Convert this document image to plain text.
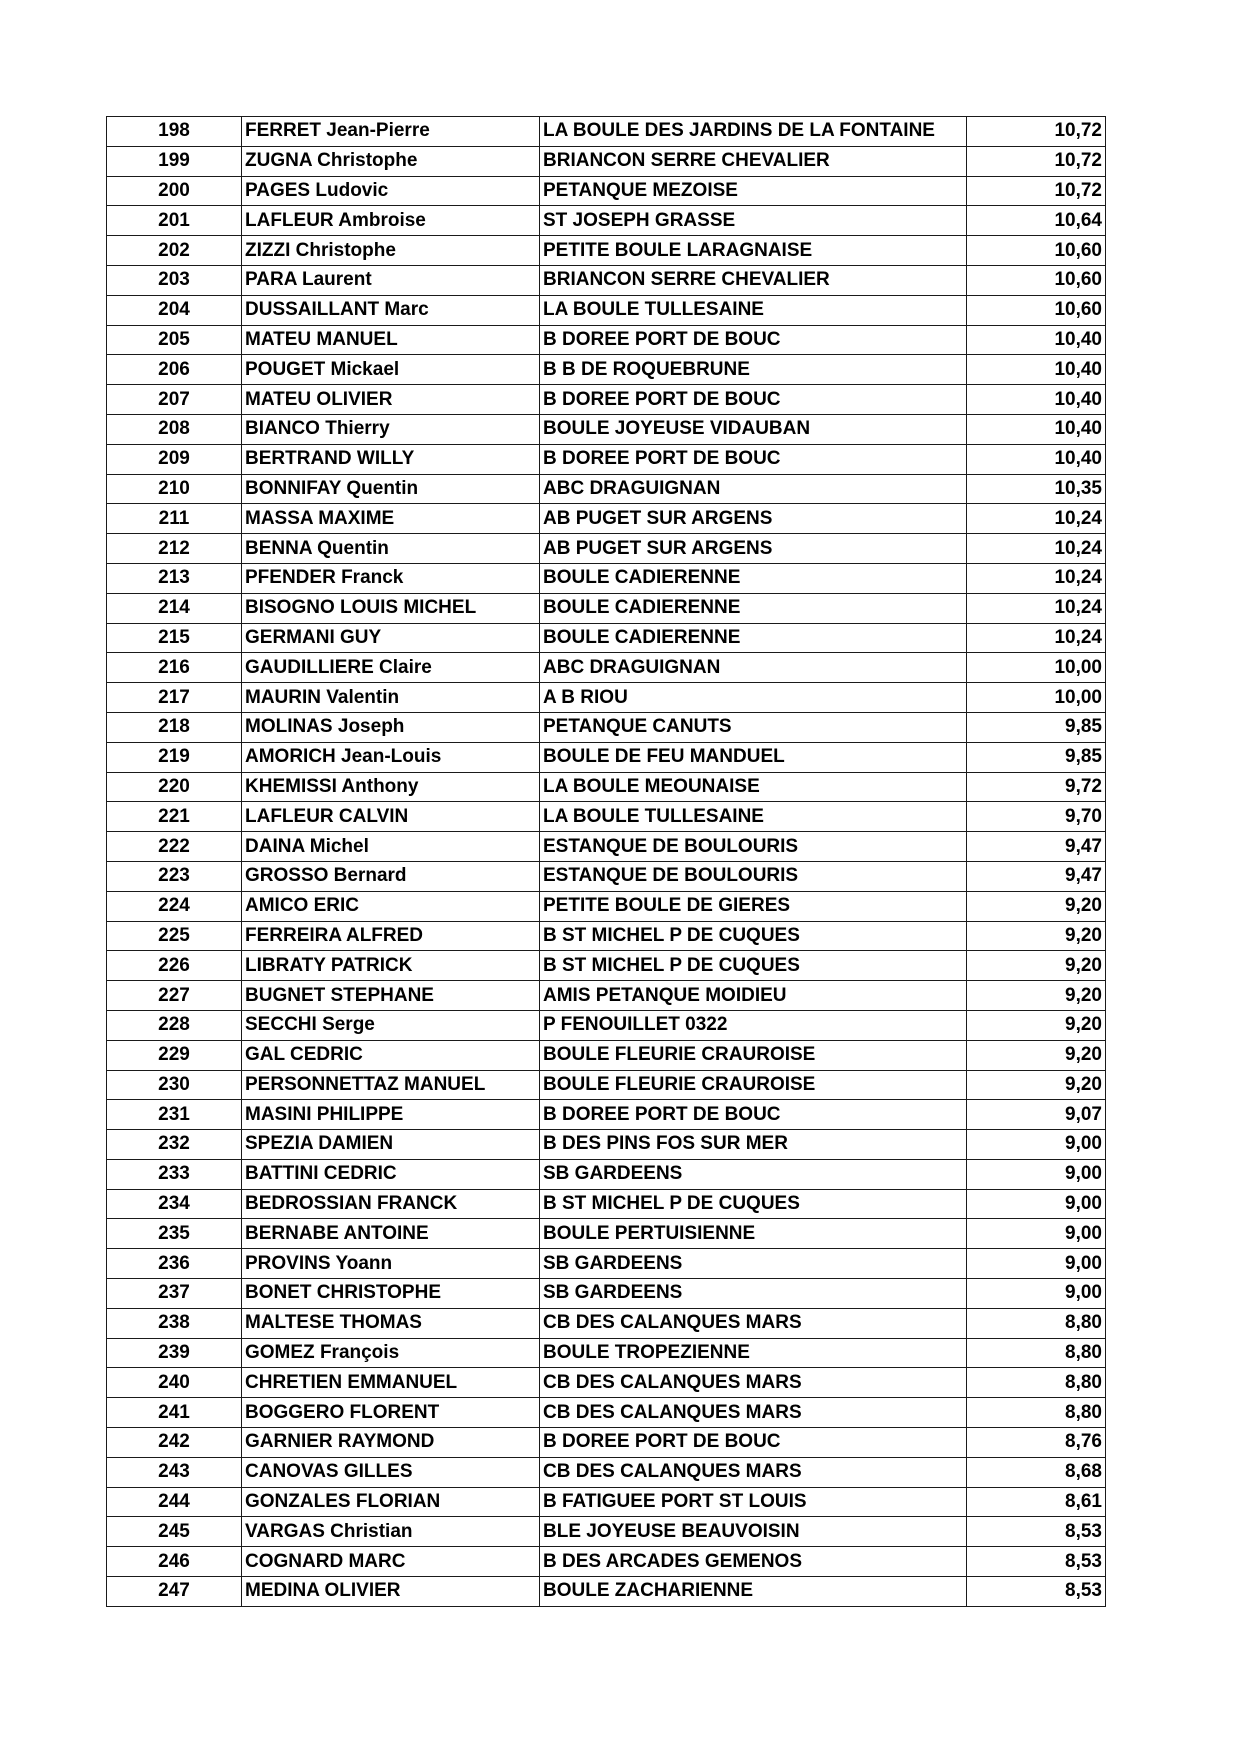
198	FERRET Jean-Pierre	LA BOULE DES JARDINS DE LA FONTAINE	10,72
199	ZUGNA Christophe	BRIANCON SERRE CHEVALIER	10,72
200	PAGES Ludovic	PETANQUE MEZOISE	10,72
201	LAFLEUR Ambroise	ST JOSEPH GRASSE	10,64
202	ZIZZI Christophe	PETITE BOULE LARAGNAISE	10,60
203	PARA Laurent	BRIANCON SERRE CHEVALIER	10,60
204	DUSSAILLANT Marc	LA BOULE TULLESAINE	10,60
205	MATEU MANUEL	B DOREE PORT DE BOUC	10,40
206	POUGET Mickael	B B DE ROQUEBRUNE	10,40
207	MATEU OLIVIER	B DOREE PORT DE BOUC	10,40
208	BIANCO Thierry	BOULE JOYEUSE VIDAUBAN	10,40
209	BERTRAND WILLY	B DOREE PORT DE BOUC	10,40
210	BONNIFAY Quentin	ABC DRAGUIGNAN	10,35
211	MASSA MAXIME	AB PUGET SUR ARGENS	10,24
212	BENNA Quentin	AB PUGET SUR ARGENS	10,24
213	PFENDER Franck	BOULE CADIERENNE	10,24
214	BISOGNO LOUIS MICHEL	BOULE CADIERENNE	10,24
215	GERMANI GUY	BOULE CADIERENNE	10,24
216	GAUDILLIERE Claire	ABC DRAGUIGNAN	10,00
217	MAURIN Valentin	A B RIOU	10,00
218	MOLINAS Joseph	PETANQUE CANUTS	9,85
219	AMORICH Jean-Louis	BOULE DE FEU MANDUEL	9,85
220	KHEMISSI Anthony	LA BOULE MEOUNAISE	9,72
221	LAFLEUR CALVIN	LA BOULE TULLESAINE	9,70
222	DAINA Michel	ESTANQUE DE BOULOURIS	9,47
223	GROSSO Bernard	ESTANQUE DE BOULOURIS	9,47
224	AMICO ERIC	PETITE BOULE DE GIERES	9,20
225	FERREIRA ALFRED	B ST MICHEL P DE CUQUES	9,20
226	LIBRATY PATRICK	B ST MICHEL P DE CUQUES	9,20
227	BUGNET STEPHANE	AMIS PETANQUE MOIDIEU	9,20
228	SECCHI Serge	P FENOUILLET 0322	9,20
229	GAL CEDRIC	BOULE FLEURIE CRAUROISE	9,20
230	PERSONNETTAZ MANUEL	BOULE FLEURIE CRAUROISE	9,20
231	MASINI PHILIPPE	B DOREE PORT DE BOUC	9,07
232	SPEZIA DAMIEN	B DES PINS FOS SUR MER	9,00
233	BATTINI CEDRIC	SB GARDEENS	9,00
234	BEDROSSIAN FRANCK	B ST MICHEL P DE CUQUES	9,00
235	BERNABE ANTOINE	BOULE PERTUISIENNE	9,00
236	PROVINS Yoann	SB GARDEENS	9,00
237	BONET CHRISTOPHE	SB GARDEENS	9,00
238	MALTESE THOMAS	CB DES CALANQUES MARS	8,80
239	GOMEZ François	BOULE TROPEZIENNE	8,80
240	CHRETIEN EMMANUEL	CB DES CALANQUES MARS	8,80
241	BOGGERO FLORENT	CB DES CALANQUES MARS	8,80
242	GARNIER RAYMOND	B DOREE PORT DE BOUC	8,76
243	CANOVAS GILLES	CB DES CALANQUES MARS	8,68
244	GONZALES FLORIAN	B FATIGUEE PORT ST LOUIS	8,61
245	VARGAS Christian	BLE JOYEUSE BEAUVOISIN	8,53
246	COGNARD MARC	B DES ARCADES GEMENOS	8,53
247	MEDINA OLIVIER	BOULE ZACHARIENNE	8,53
